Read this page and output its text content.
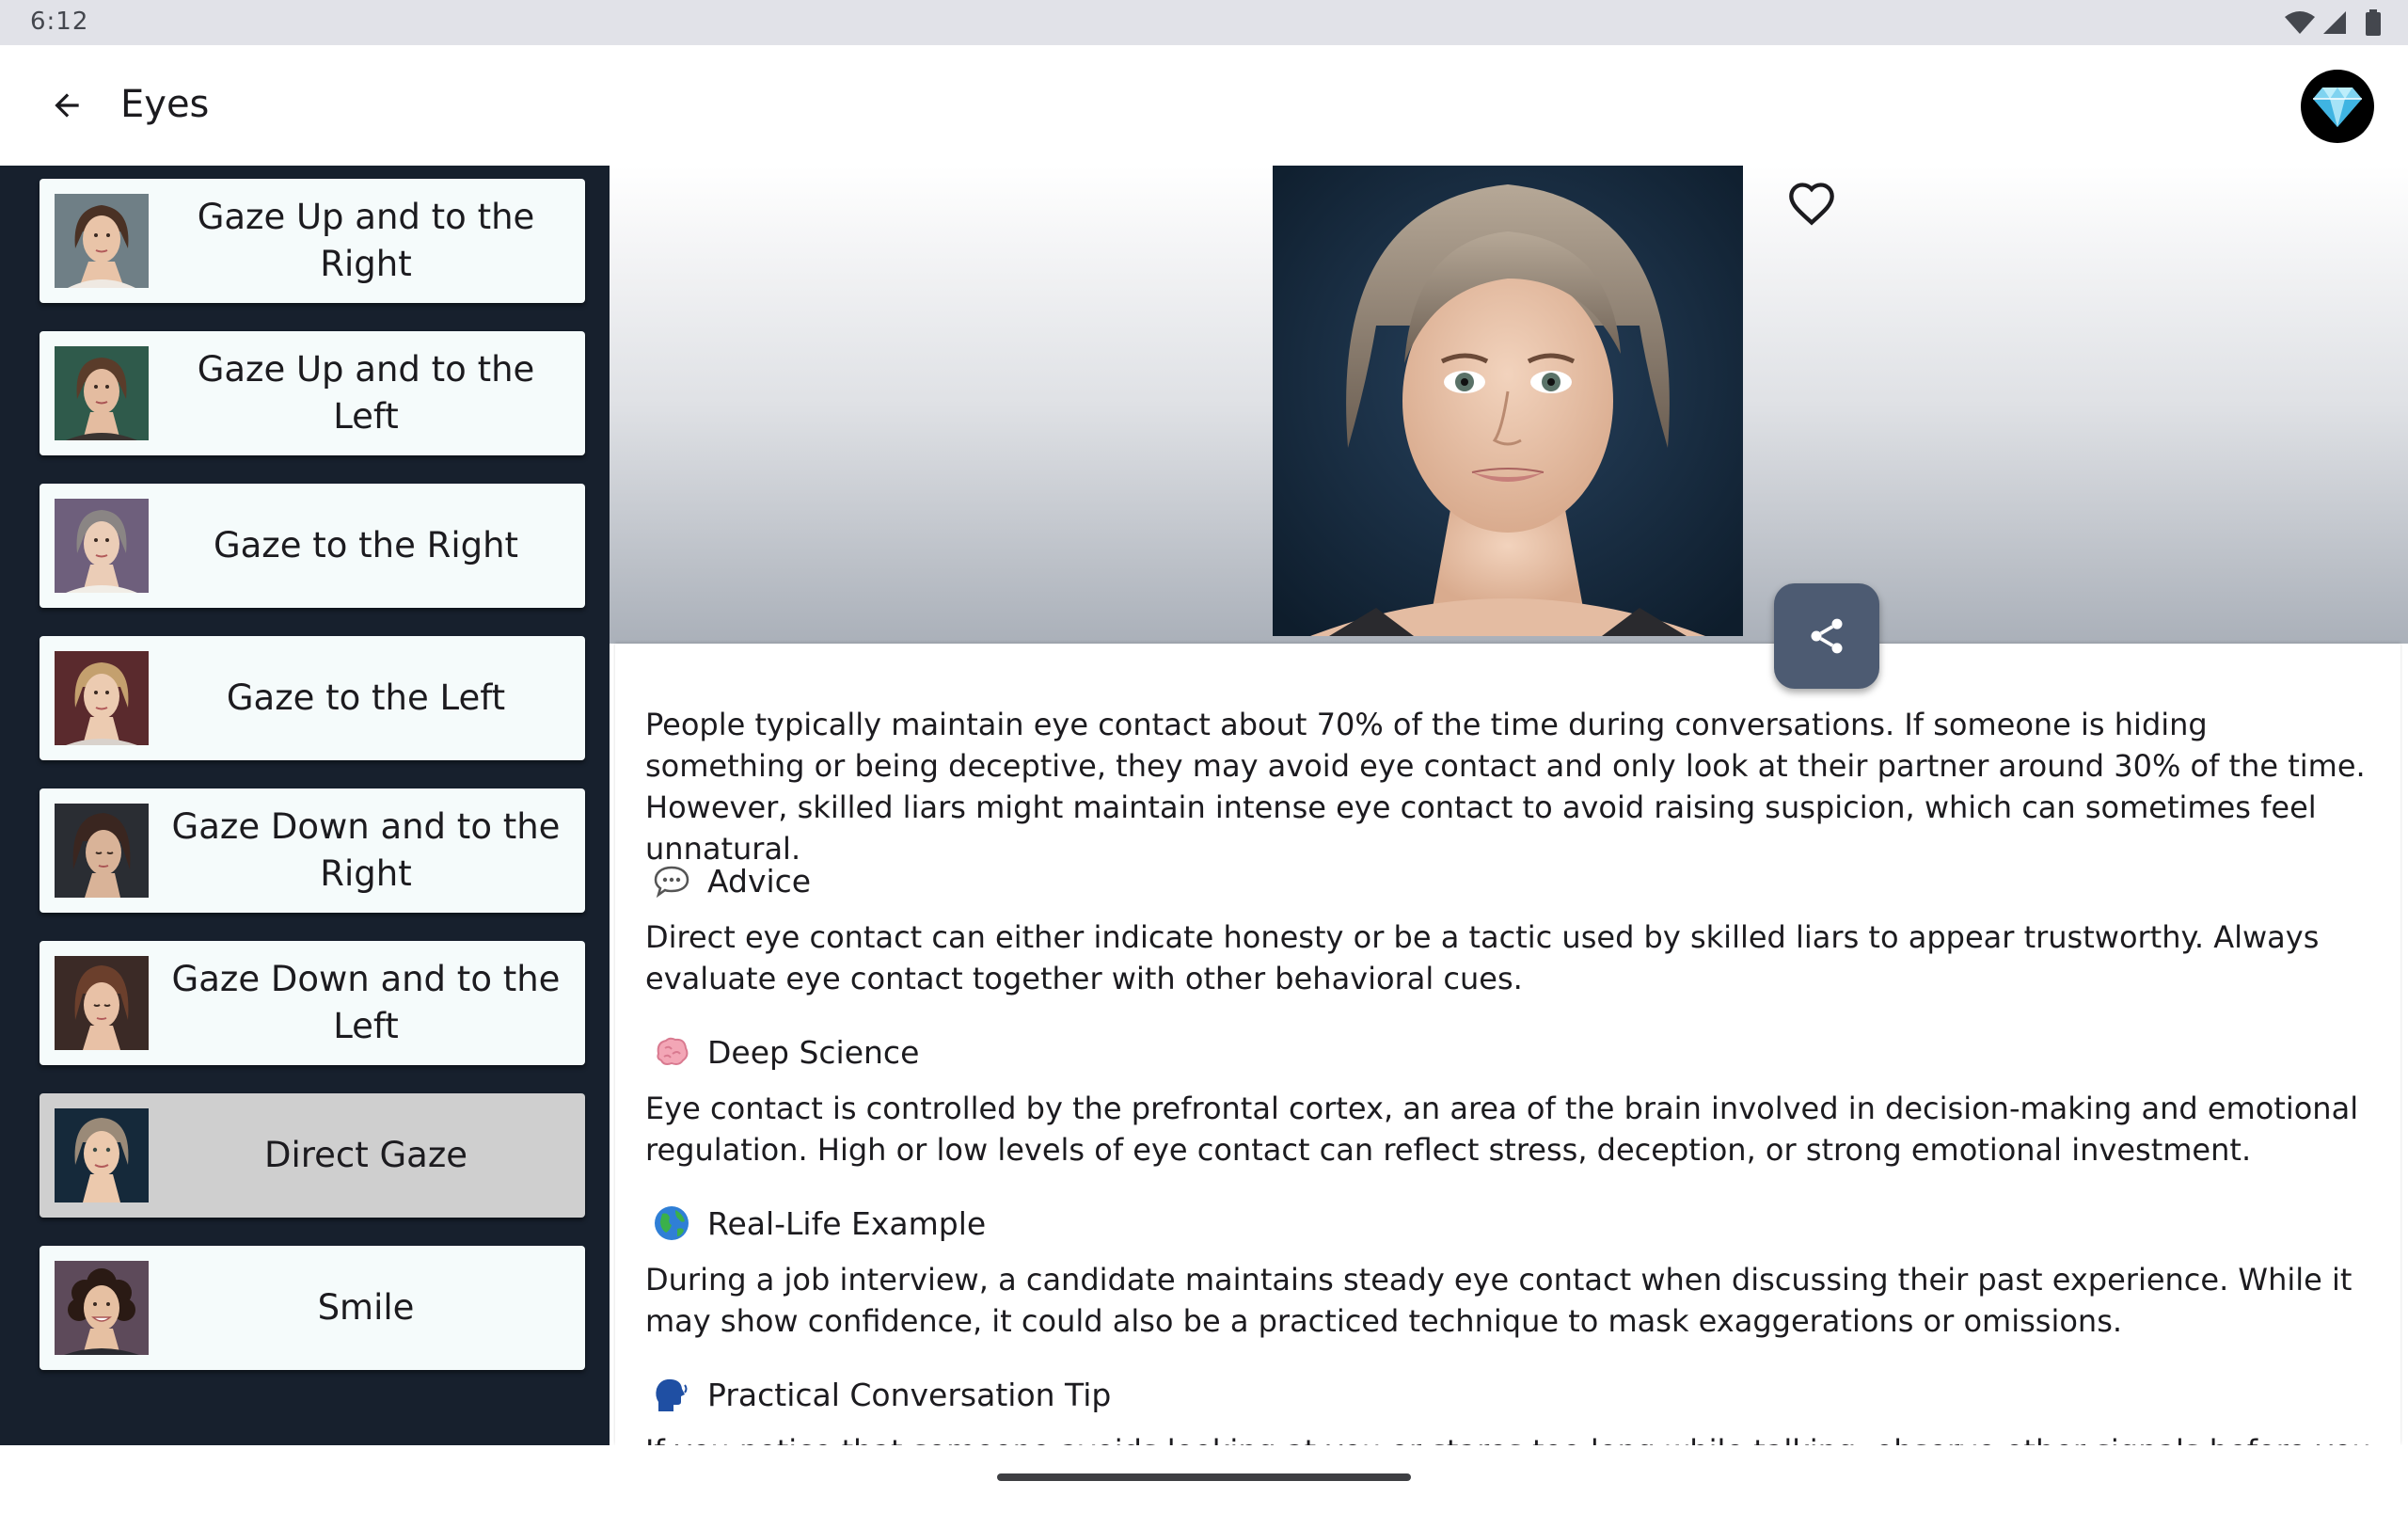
6:12
Eyes
Gaze Up and to the Right
Gaze Up and to the Left
Gaze to the Right
Gaze to the Left
Gaze Down and to the Right
Gaze Down and to the Left
Direct Gaze
Smile

People typically maintain eye contact about 70% of the time during conversations. If someone is hiding something or being deceptive, they may avoid eye contact and only look at their partner around 30% of the time. However, skilled liars might maintain intense eye contact to avoid raising suspicion, which can sometimes feel unnatural.

Advice

Direct eye contact can either indicate honesty or be a tactic used by skilled liars to appear trustworthy. Always evaluate eye contact together with other behavioral cues.

Deep Science

Eye contact is controlled by the prefrontal cortex, an area of the brain involved in decision-making and emotional regulation. High or low levels of eye contact can reflect stress, deception, or strong emotional investment.

Real-Life Example

During a job interview, a candidate maintains steady eye contact when discussing their past experience. While it may show confidence, it could also be a practiced technique to mask exaggerations or omissions.

Practical Conversation Tip
